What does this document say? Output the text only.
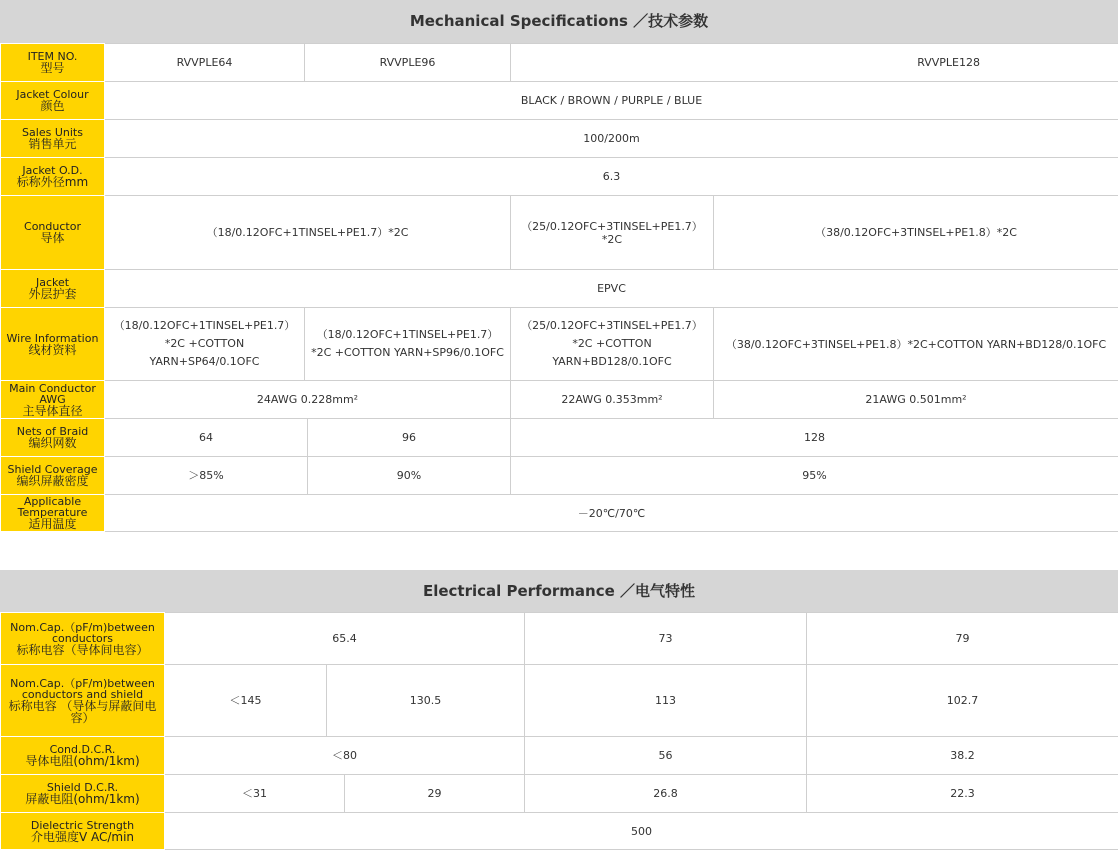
Mechanical Specifications ／技术参数
ITEM NO.
型号	RVVPLE64	RVVPLE96		RVVPLE128	

Jacket Colour
颜色	BLACK / BROWN / PURPLE / BLUE				

Sales Units
销售单元	100/200m				

Jacket O.D.
标称外径mm	6.3				

Conductor
导体	（18/0.12OFC+1TINSEL+PE1.7）*2C			（25/0.12OFC+3TINSEL+PE1.7）*2C	（38/0.12OFC+3TINSEL+PE1.8）*2C

Jacket
外层护套	EPVC				

Wire Information
线材资料	（18/0.12OFC+1TINSEL+PE1.7）*2C +COTTON YARN+SP64/0.1OFC	（18/0.12OFC+1TINSEL+PE1.7）*2C +COTTON YARN+SP96/0.1OFC		（25/0.12OFC+3TINSEL+PE1.7）*2C +COTTON YARN+BD128/0.1OFC	（38/0.12OFC+3TINSEL+PE1.8）*2C+COTTON YARN+BD128/0.1OFC

Main Conductor AWG
主导体直径	24AWG 0.228mm²			22AWG 0.353mm²	21AWG 0.501mm²

Nets of Braid
编织网数	64		96	128	

Shield Coverage
编织屏蔽密度	＞85%		90%	95%	

Applicable Temperature
适用温度	－20℃/70℃				
Electrical Performance ／电气特性
Nom.Cap.（pF/m)between conductors
标称电容（导体间电容）	65.4			73	79

Nom.Cap.（pF/m)between conductors and shield
标称电容 （导体与屏蔽间电容）	＜145	130.5		113	102.7

Cond.D.C.R.
导体电阻(ohm/1km)	＜80			56	38.2

Shield D.C.R.
屏蔽电阻(ohm/1km)	＜31		29	26.8	22.3

Dielectric Strength
介电强度V AC/min	500				
